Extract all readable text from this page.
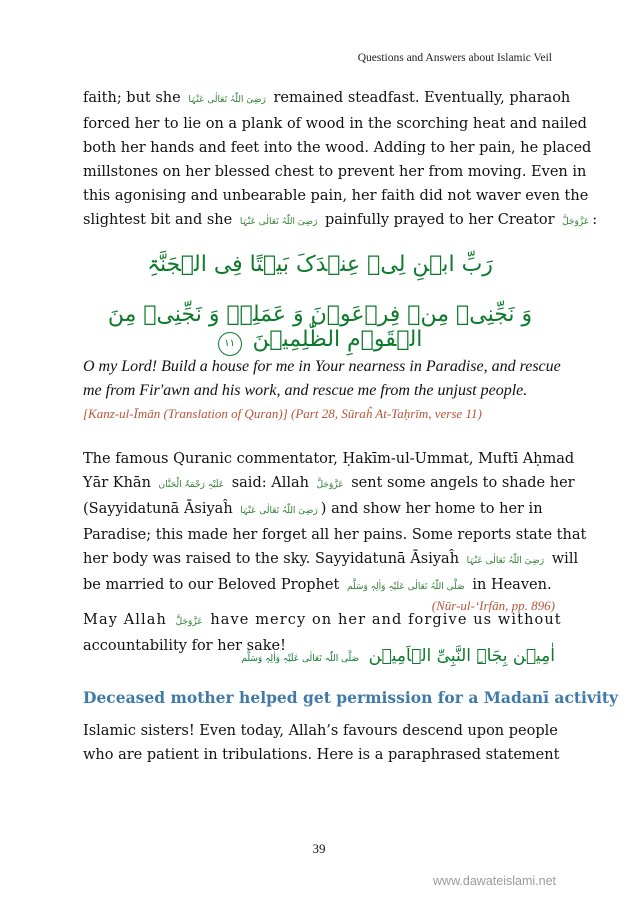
Questions and Answers about Islamic Veil
faith; but she رَضِىَ اللّٰہُ تَعَالٰی عَنْہَا remained steadfast. Eventually, pharaoh
forced her to lie on a plank of wood in the scorching heat and nailed
both her hands and feet into the wood. Adding to her pain, he placed
millstones on her blessed chest to prevent her from moving. Even in
this agonising and unbearable pain, her faith did not waver even the
slightest bit and she رَضِىَ اللّٰہُ تَعَالٰی عَنْہَا painfully prayed to her Creator عَزَّوَجَلَّ :
رَبِّ ابۡنِ لِیۡ عِنۡدَکَ بَیۡتًا فِی الۡجَنَّۃِ
وَ نَجِّنِیۡ مِنۡ فِرۡعَوۡنَ وَ عَمَلِہٖ وَ نَجِّنِیۡ مِنَ الۡقَوۡمِ الظّٰلِمِیۡنَ ١١
O my Lord! Build a house for me in Your nearness in Paradise, and rescue
me from Fir'awn and his work, and rescue me from the unjust people.
[Kanz-ul-Īmān (Translation of Quran)] (Part 28, Sūraĥ At-Taḥrīm, verse 11)
The famous Quranic commentator, Ḥakīm-ul-Ummat, Muftī Aḥmad
Yār Khān عَلَیْہِ رَحْمَۃُ الْحَنَّان said: Allah عَزَّوَجَلَّ sent some angels to shade her
(Sayyidatunā Āsiyaĥ رَضِىَ اللّٰہُ تَعَالٰی عَنْہَا ) and show her home to her in
Paradise; this made her forget all her pains. Some reports state that
her body was raised to the sky. Sayyidatunā Āsiyaĥ رَضِىَ اللّٰہُ تَعَالٰی عَنْہَا will
be married to our Beloved Prophet صَلَّی اللّٰہُ تَعَالٰی عَلَیْہِ وَاٰلِہٖ وَسَلَّم in Heaven.
(Nūr-ul-‘Irfān, pp. 896)
May Allah عَزَّوَجَلَّ have mercy on her and forgive us without
accountability for her sake!	اٰمِیۡن بِجَاہِ النَّبِیِّ الۡاَمِیۡن صَلَّی اللّٰہ تَعَالٰی عَلَیْہِ وَاٰلِہٖ وَسَلَّم
Deceased mother helped get permission for a Madanī activity
Islamic sisters! Even today, Allah’s favours descend upon people
who are patient in tribulations. Here is a paraphrased statement
39
www.dawateislami.net
